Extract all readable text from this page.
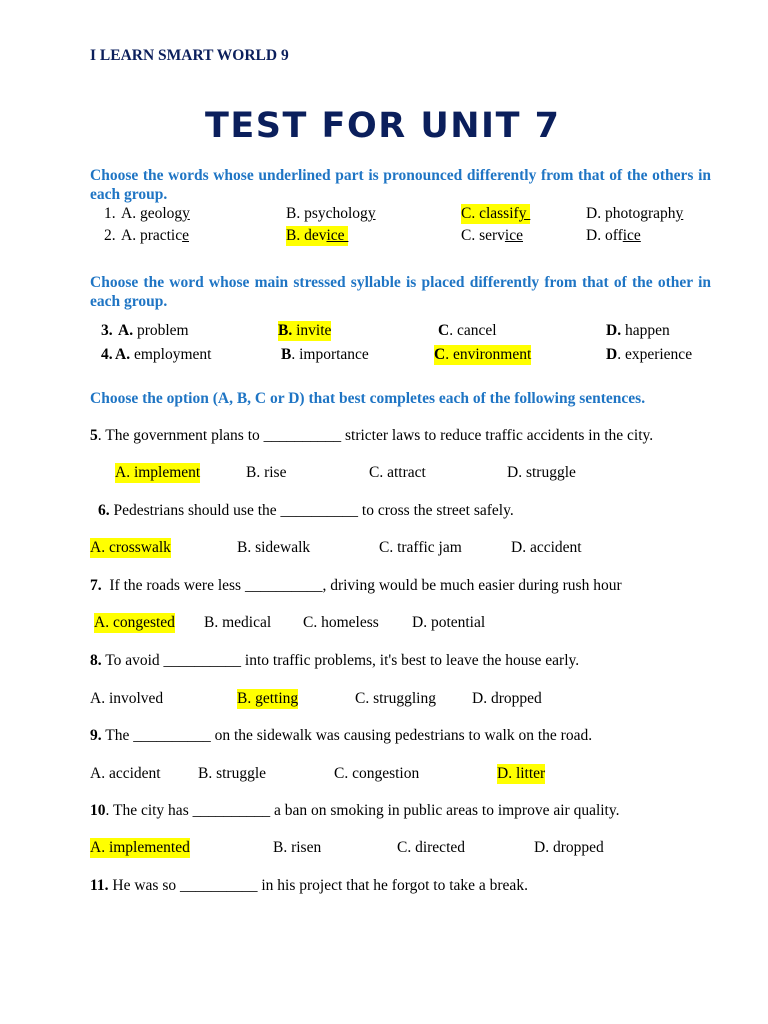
I LEARN SMART WORLD 9
TEST FOR UNIT 7
Choose the words whose underlined part is pronounced differently from that of the others in each group.
1. A. geology	B. psychology	C. classify	D. photography
2. A. practice	B. device	C. service	D. office
Choose the word whose main stressed syllable is placed differently from that of the other in each group.
3. A. problem	B. invite	C. cancel	D. happen
4. A. employment	B. importance	C. environment	D. experience
Choose the option (A, B, C or D) that best completes each of the following sentences.
5. The government plans to __________ stricter laws to reduce traffic accidents in the city.
A. implement	B. rise	C. attract	D. struggle
6. Pedestrians should use the __________ to cross the street safely.
A. crosswalk	B. sidewalk	C. traffic jam	D. accident
7.  If the roads were less __________, driving would be much easier during rush hour
A. congested B. medical C. homeless D. potential
8. To avoid __________ into traffic problems, it's best to leave the house early.
A. involved	B. getting	C. struggling D. dropped
9. The __________ on the sidewalk was causing pedestrians to walk on the road.
A. accident B. struggle	C. congestion	D. litter
10. The city has __________ a ban on smoking in public areas to improve air quality.
A. implemented	B. risen	C. directed	D. dropped
11. He was so __________ in his project that he forgot to take a break.
